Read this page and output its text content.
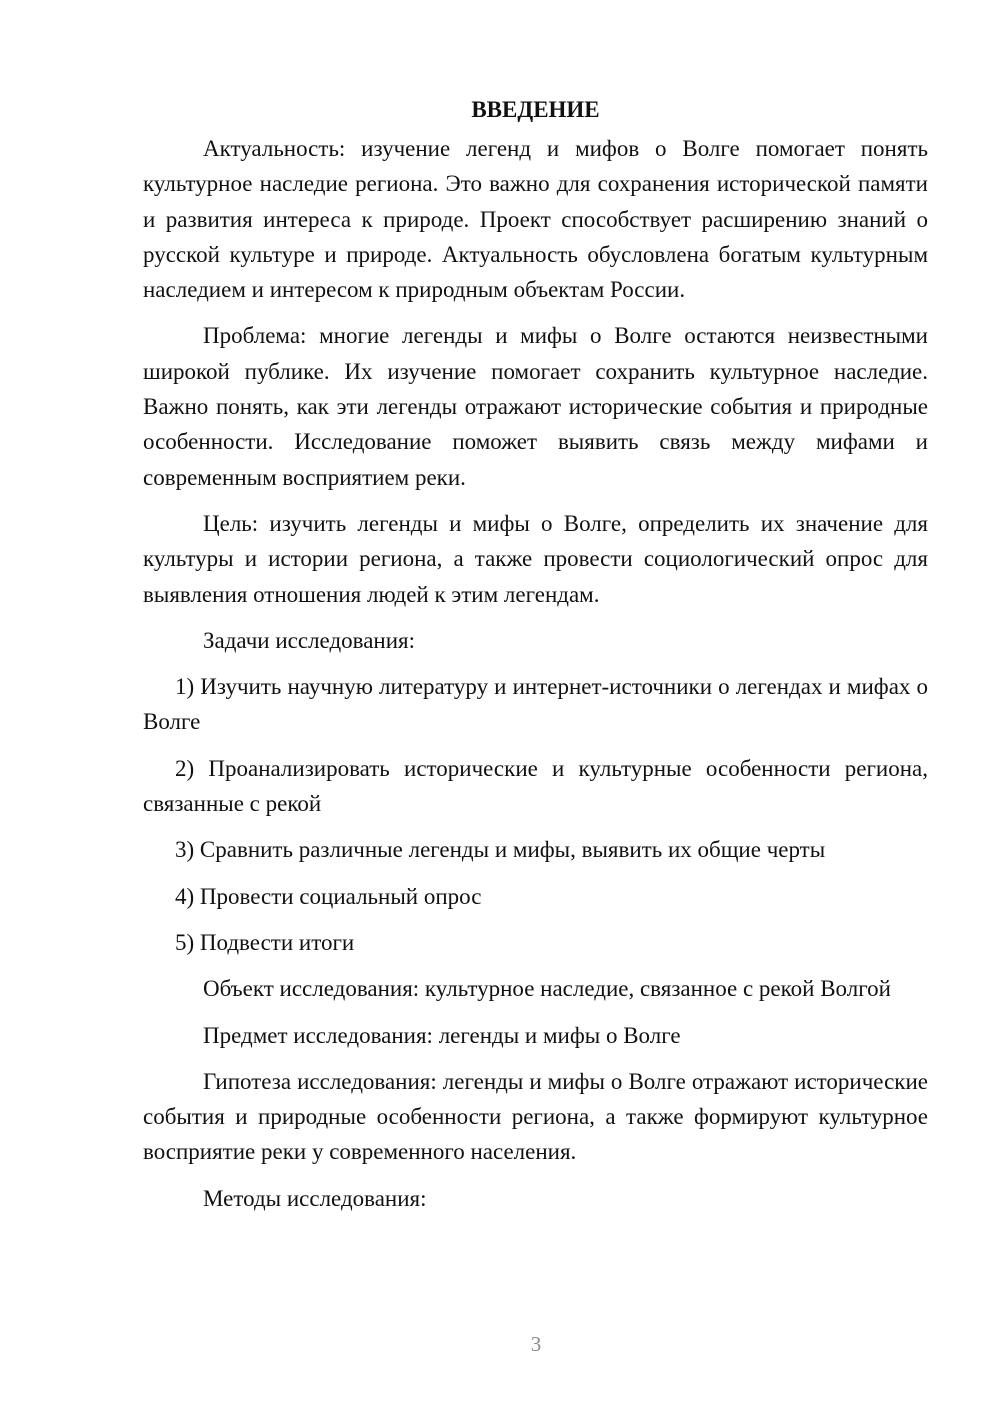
ВВЕДЕНИЕ

Актуальность: изучение легенд и мифов о Волге помогает понять культурное наследие региона. Это важно для сохранения исторической памяти и развития интереса к природе. Проект способствует расширению знаний о русской культуре и природе. Актуальность обусловлена богатым культурным наследием и интересом к природным объектам России.

Проблема: многие легенды и мифы о Волге остаются неизвестными широкой публике. Их изучение помогает сохранить культурное наследие. Важно понять, как эти легенды отражают исторические события и природные особенности. Исследование поможет выявить связь между мифами и современным восприятием реки.

Цель: изучить легенды и мифы о Волге, определить их значение для культуры и истории региона, а также провести социологический опрос для выявления отношения людей к этим легендам.

Задачи исследования:

1) Изучить научную литературу и интернет-источники о легендах и мифах о Волге

2) Проанализировать исторические и культурные особенности региона, связанные с рекой

3) Сравнить различные легенды и мифы, выявить их общие черты

4) Провести социальный опрос

5) Подвести итоги

Объект исследования: культурное наследие, связанное с рекой Волгой

Предмет исследования: легенды и мифы о Волге

Гипотеза исследования: легенды и мифы о Волге отражают исторические события и природные особенности региона, а также формируют культурное восприятие реки у современного населения.

Методы исследования:

3
